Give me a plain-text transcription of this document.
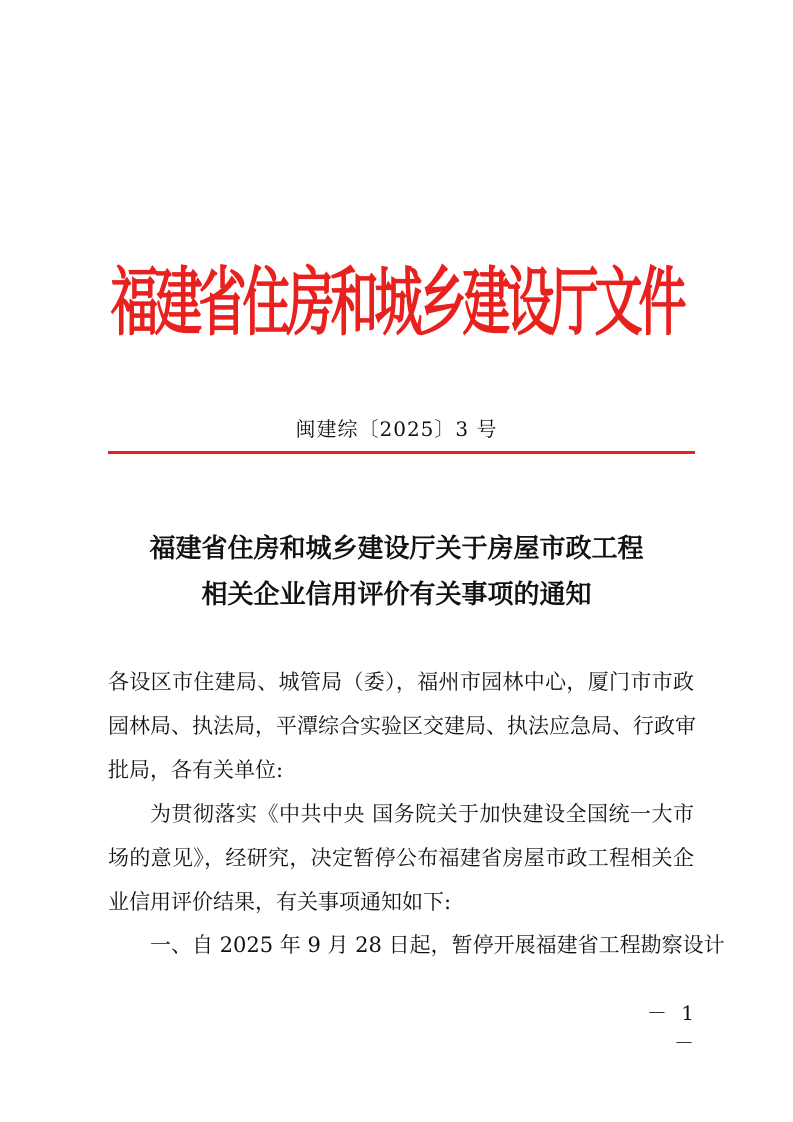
福建省住房和城乡建设厅文件
闽建综〔2025〕3 号
福建省住房和城乡建设厅关于房屋市政工程
相关企业信用评价有关事项的通知
各设区市住建局、城管局（委），福州市园林中心，厦门市市政
园林局、执法局，平潭综合实验区交建局、执法应急局、行政审
批局，各有关单位:
为贯彻落实《中共中央 国务院关于加快建设全国统一大市
场的意见》，经研究，决定暂停公布福建省房屋市政工程相关企
业信用评价结果，有关事项通知如下:
一、自 2025 年 9 月 28 日起，暂停开展福建省工程勘察设计
－ 1 －
